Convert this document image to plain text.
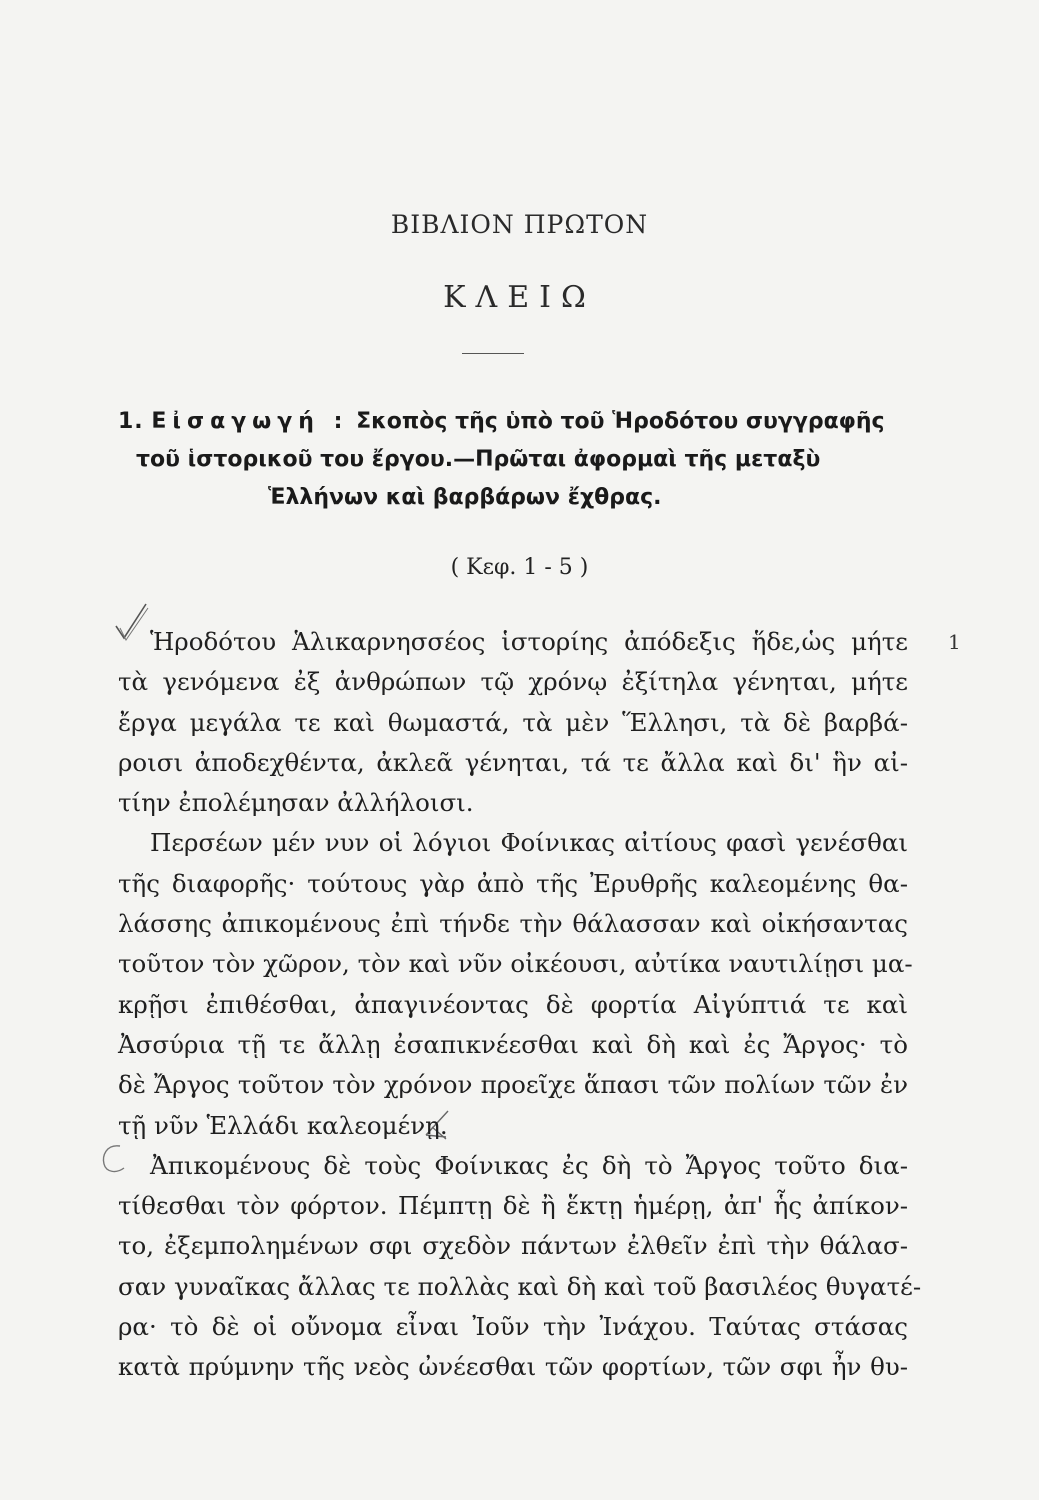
ΒΙΒΛΙΟΝ ΠΡΩΤΟΝ
ΚΛΕΙΩ
1. Εἰσαγωγή : Σκοπὸς τῆς ὑπὸ τοῦ Ἡροδότου συγγραφῆς
τοῦ ἱστορικοῦ του ἔργου.—Πρῶται ἀφορμαὶ τῆς μεταξὺ
Ἑλλήνων καὶ βαρβάρων ἔχθρας.
( Κεφ. 1 - 5 )
1
Ἡροδότου Ἁλικαρνησσέος ἱστορίης ἀπόδεξις ἥδε,ὡς μήτε
τὰ γενόμενα ἐξ ἀνθρώπων τῷ χρόνῳ ἐξίτηλα γένηται, μήτε
ἔργα μεγάλα τε καὶ θωμαστά, τὰ μὲν Ἕλλησι, τὰ δὲ βαρβά-
ροισι ἀποδεχθέντα, ἀκλεᾶ γένηται, τά τε ἄλλα καὶ δι' ἣν αἰ-
τίην ἐπολέμησαν ἀλλήλοισι.
Περσέων μέν νυν οἱ λόγιοι Φοίνικας αἰτίους φασὶ γενέσθαι
τῆς διαφορῆς· τούτους γὰρ ἀπὸ τῆς Ἐρυθρῆς καλεομένης θα-
λάσσης ἀπικομένους ἐπὶ τήνδε τὴν θάλασσαν καὶ οἰκήσαντας
τοῦτον τὸν χῶρον, τὸν καὶ νῦν οἰκέουσι, αὐτίκα ναυτιλίῃσι μα-
κρῇσι ἐπιθέσθαι, ἀπαγινέοντας δὲ φορτία Αἰγύπτιά τε καὶ
Ἀσσύρια τῇ τε ἄλλῃ ἐσαπικνέεσθαι καὶ δὴ καὶ ἐς Ἄργος· τὸ
δὲ Ἄργος τοῦτον τὸν χρόνον προεῖχε ἅπασι τῶν πολίων τῶν ἐν
τῇ νῦν Ἑλλάδι καλεομένῃ.
Ἀπικομένους δὲ τοὺς Φοίνικας ἐς δὴ τὸ Ἄργος τοῦτο δια-
τίθεσθαι τὸν φόρτον. Πέμπτῃ δὲ ἢ ἕκτῃ ἡμέρῃ, ἀπ' ἧς ἀπίκον-
το, ἐξεμπολημένων σφι σχεδὸν πάντων ἐλθεῖν ἐπὶ τὴν θάλασ-
σαν γυναῖκας ἄλλας τε πολλὰς καὶ δὴ καὶ τοῦ βασιλέος θυγατέ-
ρα· τὸ δὲ οἱ οὔνομα εἶναι Ἰοῦν τὴν Ἰνάχου. Ταύτας στάσας
κατὰ πρύμνην τῆς νεὸς ὠνέεσθαι τῶν φορτίων, τῶν σφι ἦν θυ-
